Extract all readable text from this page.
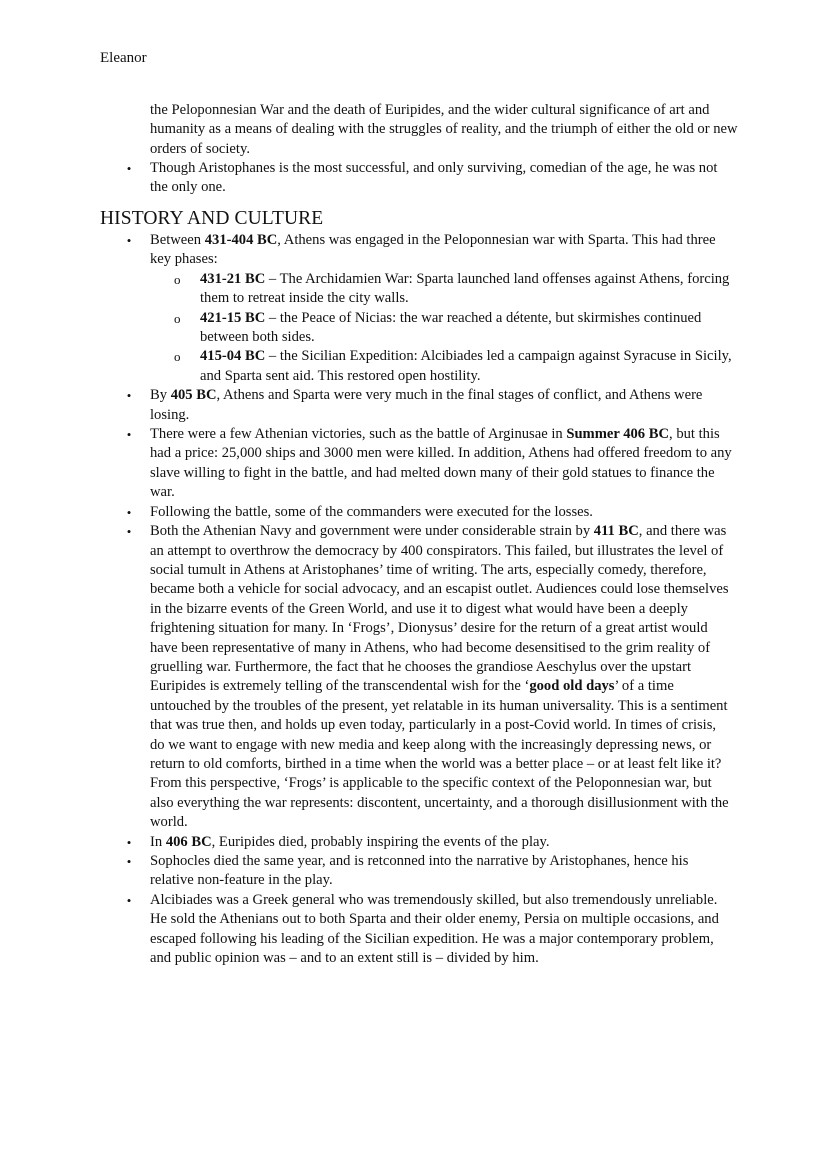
Eleanor

the Peloponnesian War and the death of Euripides, and the wider cultural significance of art and humanity as a means of dealing with the struggles of reality, and the triumph of either the old or new orders of society.

• Though Aristophanes is the most successful, and only surviving, comedian of the age, he was not the only one.
HISTORY AND CULTURE
• Between 431-404 BC, Athens was engaged in the Peloponnesian war with Sparta. This had three key phases:
o 431-21 BC – The Archidamien War: Sparta launched land offenses against Athens, forcing them to retreat inside the city walls.
o 421-15 BC – the Peace of Nicias: the war reached a détente, but skirmishes continued between both sides.
o 415-04 BC – the Sicilian Expedition: Alcibiades led a campaign against Syracuse in Sicily, and Sparta sent aid. This restored open hostility.
• By 405 BC, Athens and Sparta were very much in the final stages of conflict, and Athens were losing.
• There were a few Athenian victories, such as the battle of Arginusae in Summer 406 BC, but this had a price: 25,000 ships and 3000 men were killed. In addition, Athens had offered freedom to any slave willing to fight in the battle, and had melted down many of their gold statues to finance the war.
• Following the battle, some of the commanders were executed for the losses.
• Both the Athenian Navy and government were under considerable strain by 411 BC, and there was an attempt to overthrow the democracy by 400 conspirators. This failed, but illustrates the level of social tumult in Athens at Aristophanes’ time of writing. The arts, especially comedy, therefore, became both a vehicle for social advocacy, and an escapist outlet. Audiences could lose themselves in the bizarre events of the Green World, and use it to digest what would have been a deeply frightening situation for many. In ‘Frogs’, Dionysus’ desire for the return of a great artist would have been representative of many in Athens, who had become desensitised to the grim reality of gruelling war. Furthermore, the fact that he chooses the grandiose Aeschylus over the upstart Euripides is extremely telling of the transcendental wish for the ‘good old days’ of a time untouched by the troubles of the present, yet relatable in its human universality. This is a sentiment that was true then, and holds up even today, particularly in a post-Covid world. In times of crisis, do we want to engage with new media and keep along with the increasingly depressing news, or return to old comforts, birthed in a time when the world was a better place – or at least felt like it? From this perspective, ‘Frogs’ is applicable to the specific context of the Peloponnesian war, but also everything the war represents: discontent, uncertainty, and a thorough disillusionment with the world.
• In 406 BC, Euripides died, probably inspiring the events of the play.
• Sophocles died the same year, and is retconned into the narrative by Aristophanes, hence his relative non-feature in the play.
• Alcibiades was a Greek general who was tremendously skilled, but also tremendously unreliable. He sold the Athenians out to both Sparta and their older enemy, Persia on multiple occasions, and escaped following his leading of the Sicilian expedition. He was a major contemporary problem, and public opinion was – and to an extent still is – divided by him.
